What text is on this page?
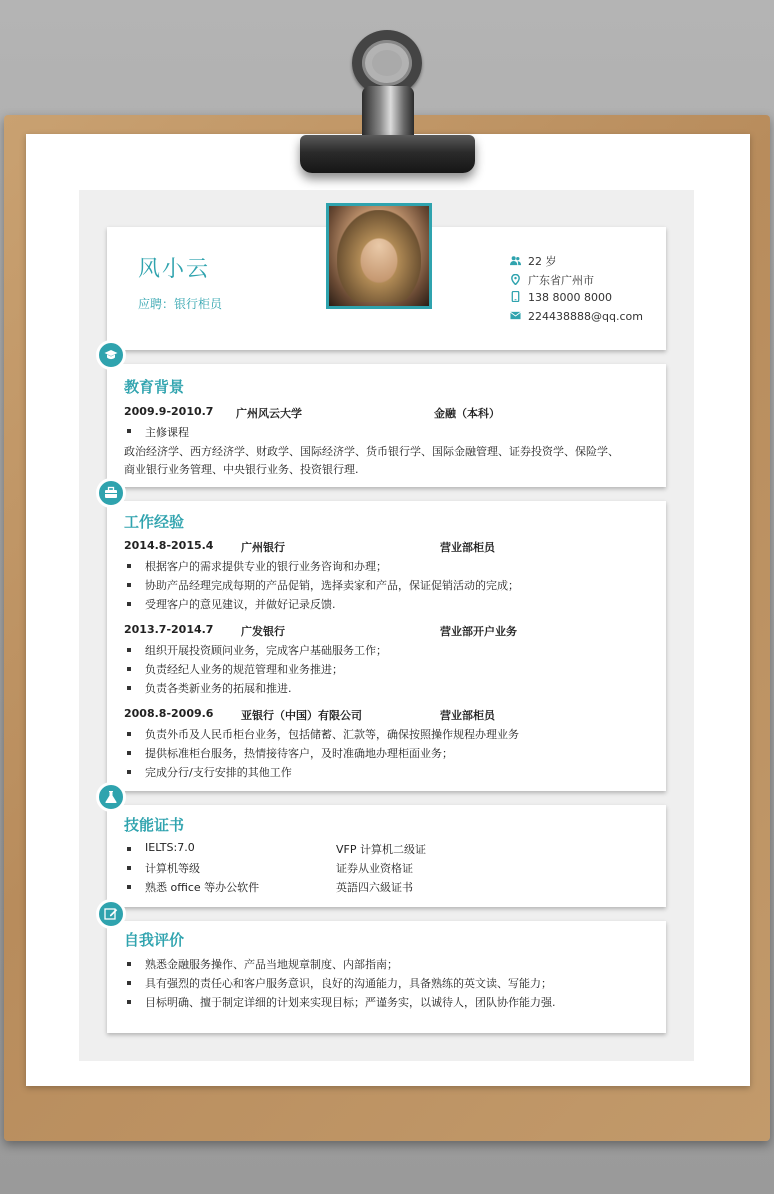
风小云
应聘：银行柜员
22 岁
广东省广州市
138 8000 8000
224438888@qq.com
教育背景
2009.9-2010.7 广州风云大学	金融（本科）
主修课程
政治经济学、西方经济学、财政学、国际经济学、货币银行学、国际金融管理、证券投资学、保险学、
商业银行业务管理、中央银行业务、投资银行理.
工作经验
2014.8-2015.4	广州银行	营业部柜员
根据客户的需求提供专业的银行业务咨询和办理；
协助产品经理完成每期的产品促销，选择卖家和产品，保证促销活动的完成；
受理客户的意见建议，并做好记录反馈.
2013.7-2014.7	广发银行	营业部开户业务
组织开展投资顾问业务，完成客户基础服务工作；
负责经纪人业务的规范管理和业务推进；
负责各类新业务的拓展和推进.
2008.8-2009.6	亚银行（中国）有限公司	营业部柜员
负责外币及人民币柜台业务，包括储蓄、汇款等，确保按照操作规程办理业务
提供标准柜台服务，热情接待客户，及时准确地办理柜面业务；
完成分行/支行安排的其他工作
技能证书
IELTS:7.0	VFP 计算机二级证
计算机等级	证券从业资格证
熟悉 office 等办公软件	英語四六級证书
自我评价
熟悉金融服务操作、产品当地规章制度、内部指南；
具有强烈的责任心和客户服务意识，良好的沟通能力，具备熟练的英文读、写能力；
目标明确、擅于制定详细的计划来实现目标；严谨务实，以诚待人，团队协作能力强.
